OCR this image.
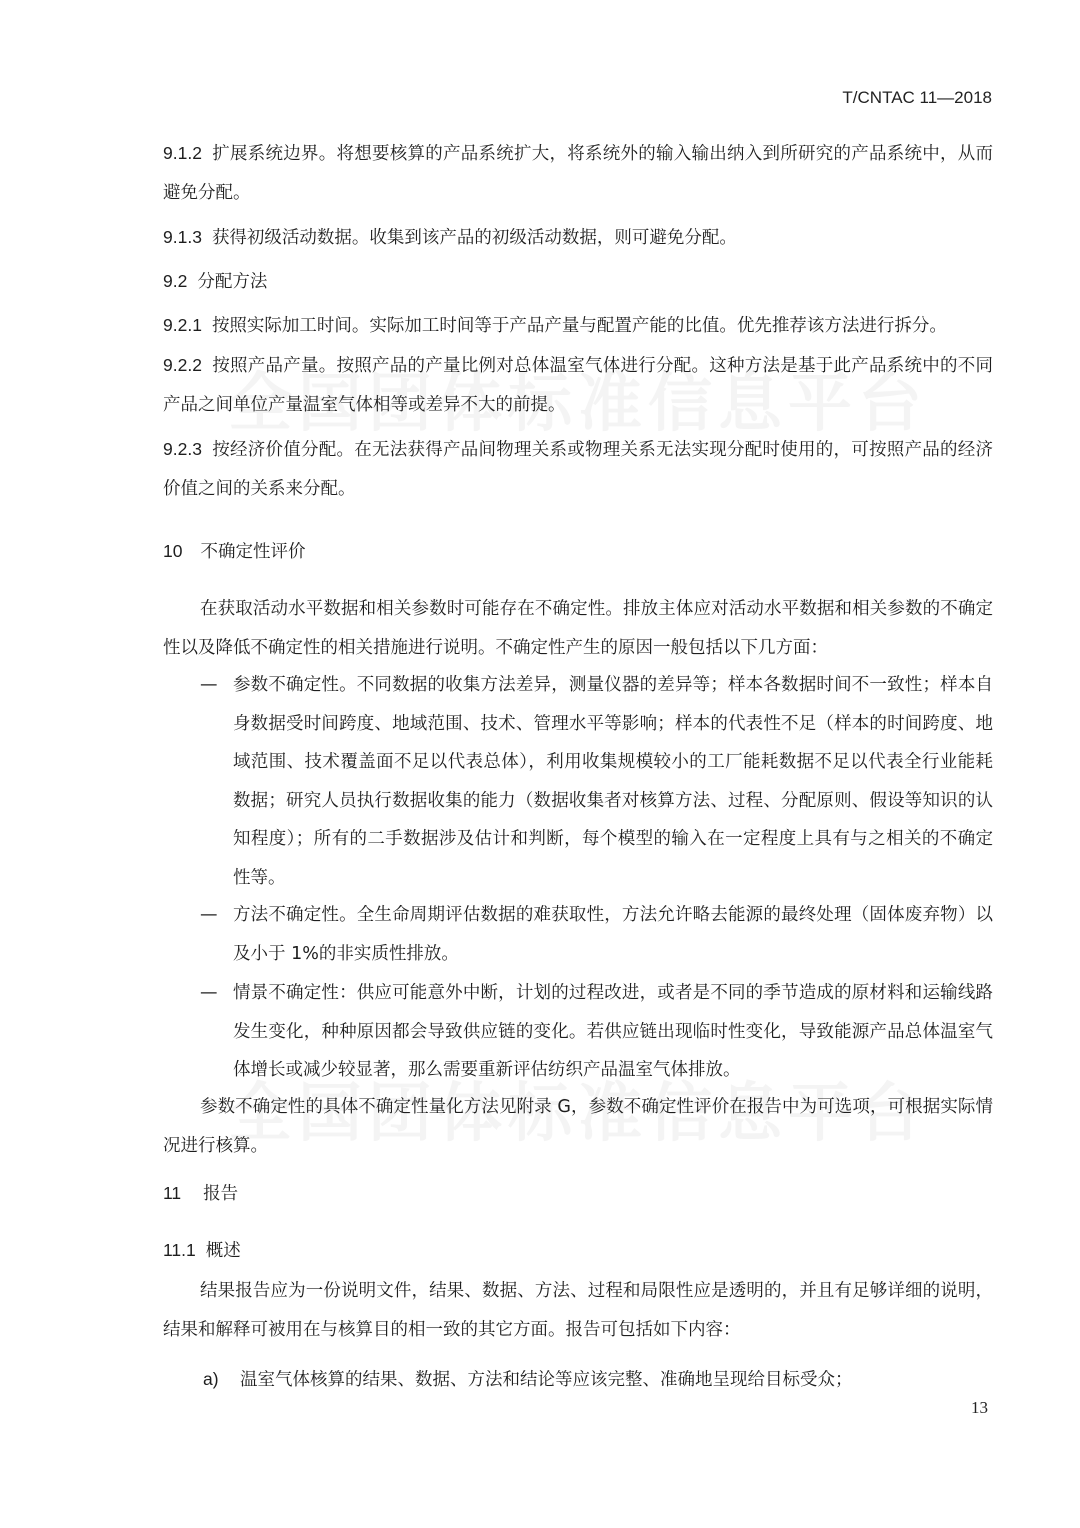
T/CNTAC 11—2018
9.1.2 扩展系统边界。将想要核算的产品系统扩大，将系统外的输入输出纳入到所研究的产品系统中，从而避免分配。
9.1.3 获得初级活动数据。收集到该产品的初级活动数据，则可避免分配。
9.2 分配方法
9.2.1 按照实际加工时间。实际加工时间等于产品产量与配置产能的比值。优先推荐该方法进行拆分。
9.2.2 按照产品产量。按照产品的产量比例对总体温室气体进行分配。这种方法是基于此产品系统中的不同产品之间单位产量温室气体相等或差异不大的前提。
9.2.3 按经济价值分配。在无法获得产品间物理关系或物理关系无法实现分配时使用的，可按照产品的经济价值之间的关系来分配。
10 不确定性评价
在获取活动水平数据和相关参数时可能存在不确定性。排放主体应对活动水平数据和相关参数的不确定性以及降低不确定性的相关措施进行说明。不确定性产生的原因一般包括以下几方面：
— 参数不确定性。不同数据的收集方法差异，测量仪器的差异等；样本各数据时间不一致性；样本自身数据受时间跨度、地域范围、技术、管理水平等影响；样本的代表性不足（样本的时间跨度、地域范围、技术覆盖面不足以代表总体），利用收集规模较小的工厂能耗数据不足以代表全行业能耗数据；研究人员执行数据收集的能力（数据收集者对核算方法、过程、分配原则、假设等知识的认知程度）；所有的二手数据涉及估计和判断，每个模型的输入在一定程度上具有与之相关的不确定性等。
— 方法不确定性。全生命周期评估数据的难获取性，方法允许略去能源的最终处理（固体废弃物）以及小于 1%的非实质性排放。
— 情景不确定性：供应可能意外中断，计划的过程改进，或者是不同的季节造成的原材料和运输线路发生变化，种种原因都会导致供应链的变化。若供应链出现临时性变化，导致能源产品总体温室气体增长或减少较显著，那么需要重新评估纺织产品温室气体排放。
参数不确定性的具体不确定性量化方法见附录 G，参数不确定性评价在报告中为可选项，可根据实际情况进行核算。
11 报告
11.1 概述
结果报告应为一份说明文件，结果、数据、方法、过程和局限性应是透明的，并且有足够详细的说明，结果和解释可被用在与核算目的相一致的其它方面。报告可包括如下内容：
a) 温室气体核算的结果、数据、方法和结论等应该完整、准确地呈现给目标受众；
13
